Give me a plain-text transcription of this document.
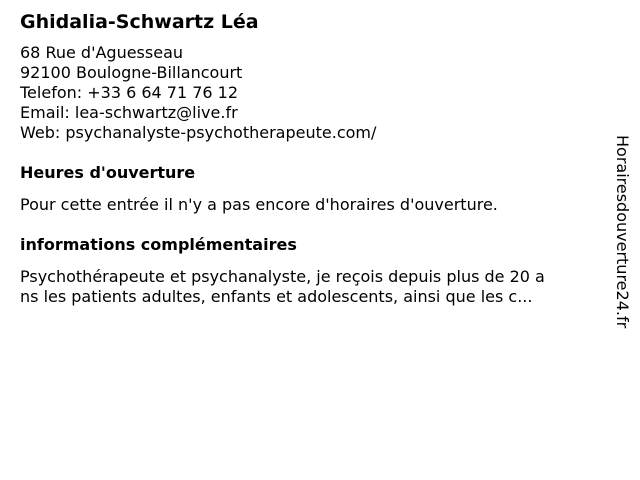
Ghidalia-Schwartz Léa
68 Rue d'Aguesseau
92100 Boulogne-Billancourt
Telefon: +33 6 64 71 76 12
Email: lea-schwartz@live.fr
Web: psychanalyste-psychotherapeute.com/
Heures d'ouverture
Pour cette entrée il n'y a pas encore d'horaires d'ouverture.
informations complémentaires
Psychothérapeute et psychanalyste, je reçois depuis plus de 20 a
ns les patients adultes, enfants et adolescents, ainsi que les c...	Horairesdouverture24.fr
